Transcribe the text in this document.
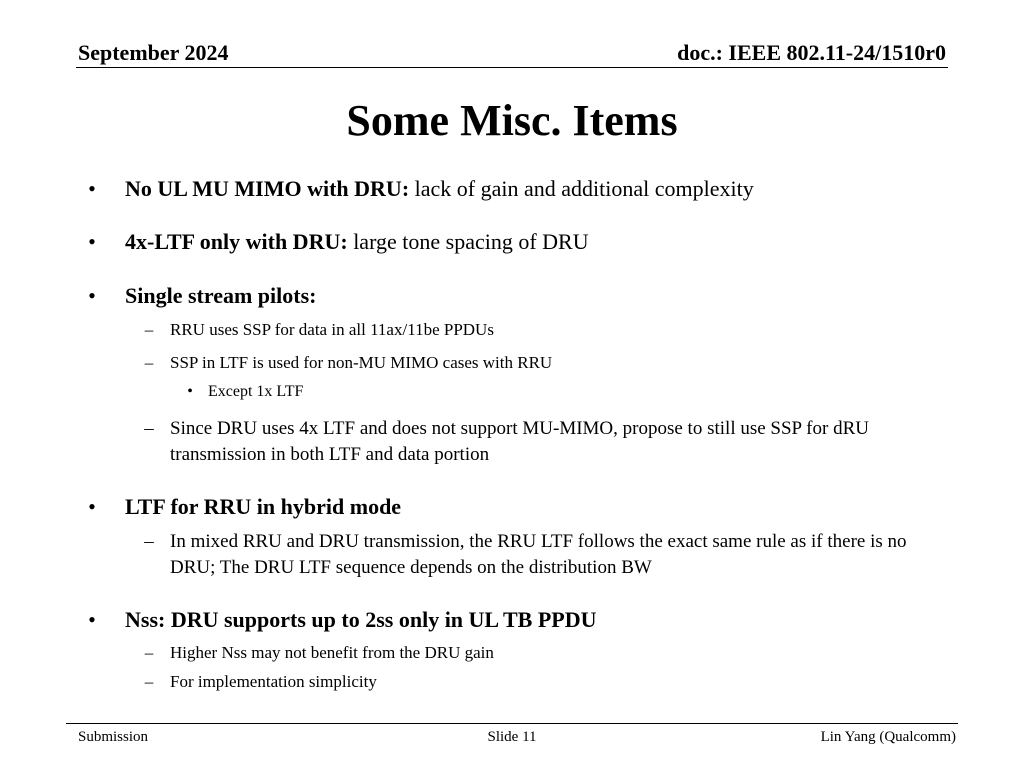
September 2024	doc.: IEEE 802.11-24/1510r0
Some Misc. Items
• No UL MU MIMO with DRU: lack of gain and additional complexity
• 4x-LTF only with DRU: large tone spacing of DRU
• Single stream pilots:
– RRU uses SSP for data in all 11ax/11be PPDUs
– SSP in LTF is used for non-MU MIMO cases with RRU
• Except 1x LTF
– Since DRU uses 4x LTF and does not support MU-MIMO, propose to still use SSP for dRU transmission in both LTF and data portion
• LTF for RRU in hybrid mode
– In mixed RRU and DRU transmission, the RRU LTF follows the exact same rule as if there is no DRU; The DRU LTF sequence depends on the distribution BW
• Nss: DRU supports up to 2ss only in UL TB PPDU
– Higher Nss may not benefit from the DRU gain
– For implementation simplicity
Submission	Slide 11	Lin Yang (Qualcomm)
